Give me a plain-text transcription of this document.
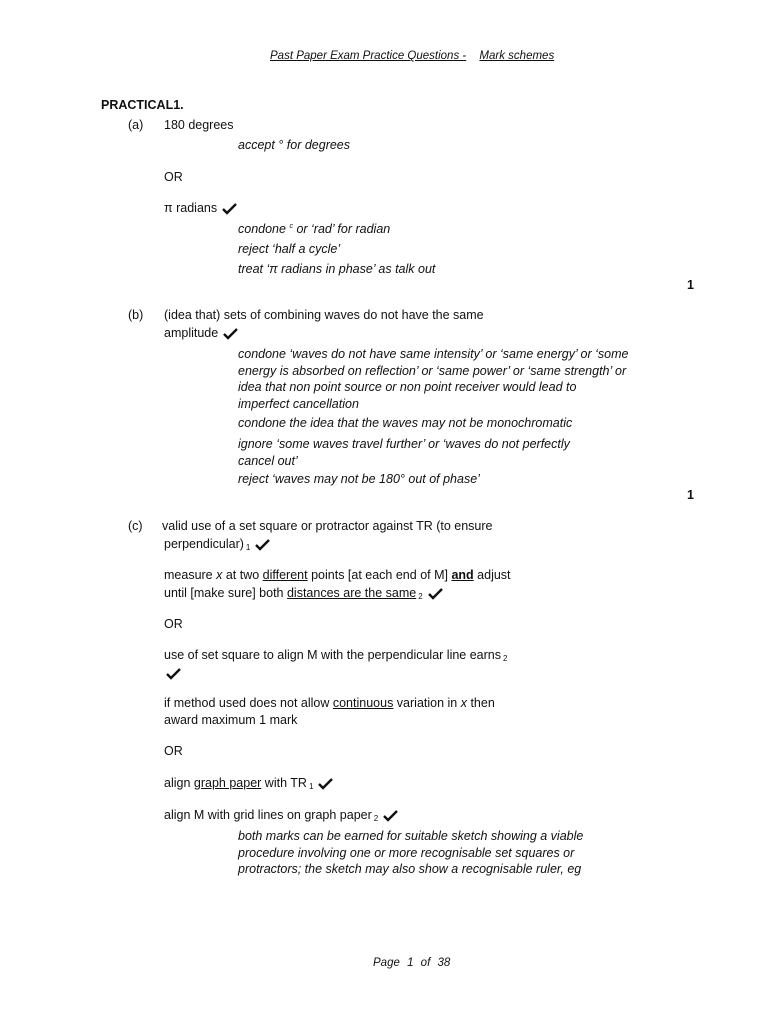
Past Paper Exam Practice Questions - Mark schemes
PRACTICAL1.
(a) 180 degrees
accept ° for degrees
OR
π radians
condone $^c$ or ‘rad’ for radian
reject ‘half a cycle’
treat ‘π radians in phase’ as talk out
1
(b) (idea that) sets of combining waves do not have the same
amplitude
condone ‘waves do not have same intensity’ or ‘same energy’ or ‘some energy is absorbed on reflection’ or ‘same power’ or ‘same strength’ or idea that non point source or non point receiver would lead to imperfect cancellation
condone the idea that the waves may not be monochromatic
ignore ‘some waves travel further’ or ‘waves do not perfectly cancel out’
reject ‘waves may not be 180° out of phase’
1
(c) valid use of a set square or protractor against TR (to ensure
perpendicular) $_1$
measure x at two different points [at each end of M] and adjust
until [make sure] both distances are the same $_2$
OR
use of set square to align M with the perpendicular line earns $_2$
if method used does not allow continuous variation in x then
award maximum 1 mark
OR
align graph paper with TR $_1$
align M with grid lines on graph paper $_2$
both marks can be earned for suitable sketch showing a viable procedure involving one or more recognisable set squares or protractors; the sketch may also show a recognisable ruler, eg
Page 1 of 38
